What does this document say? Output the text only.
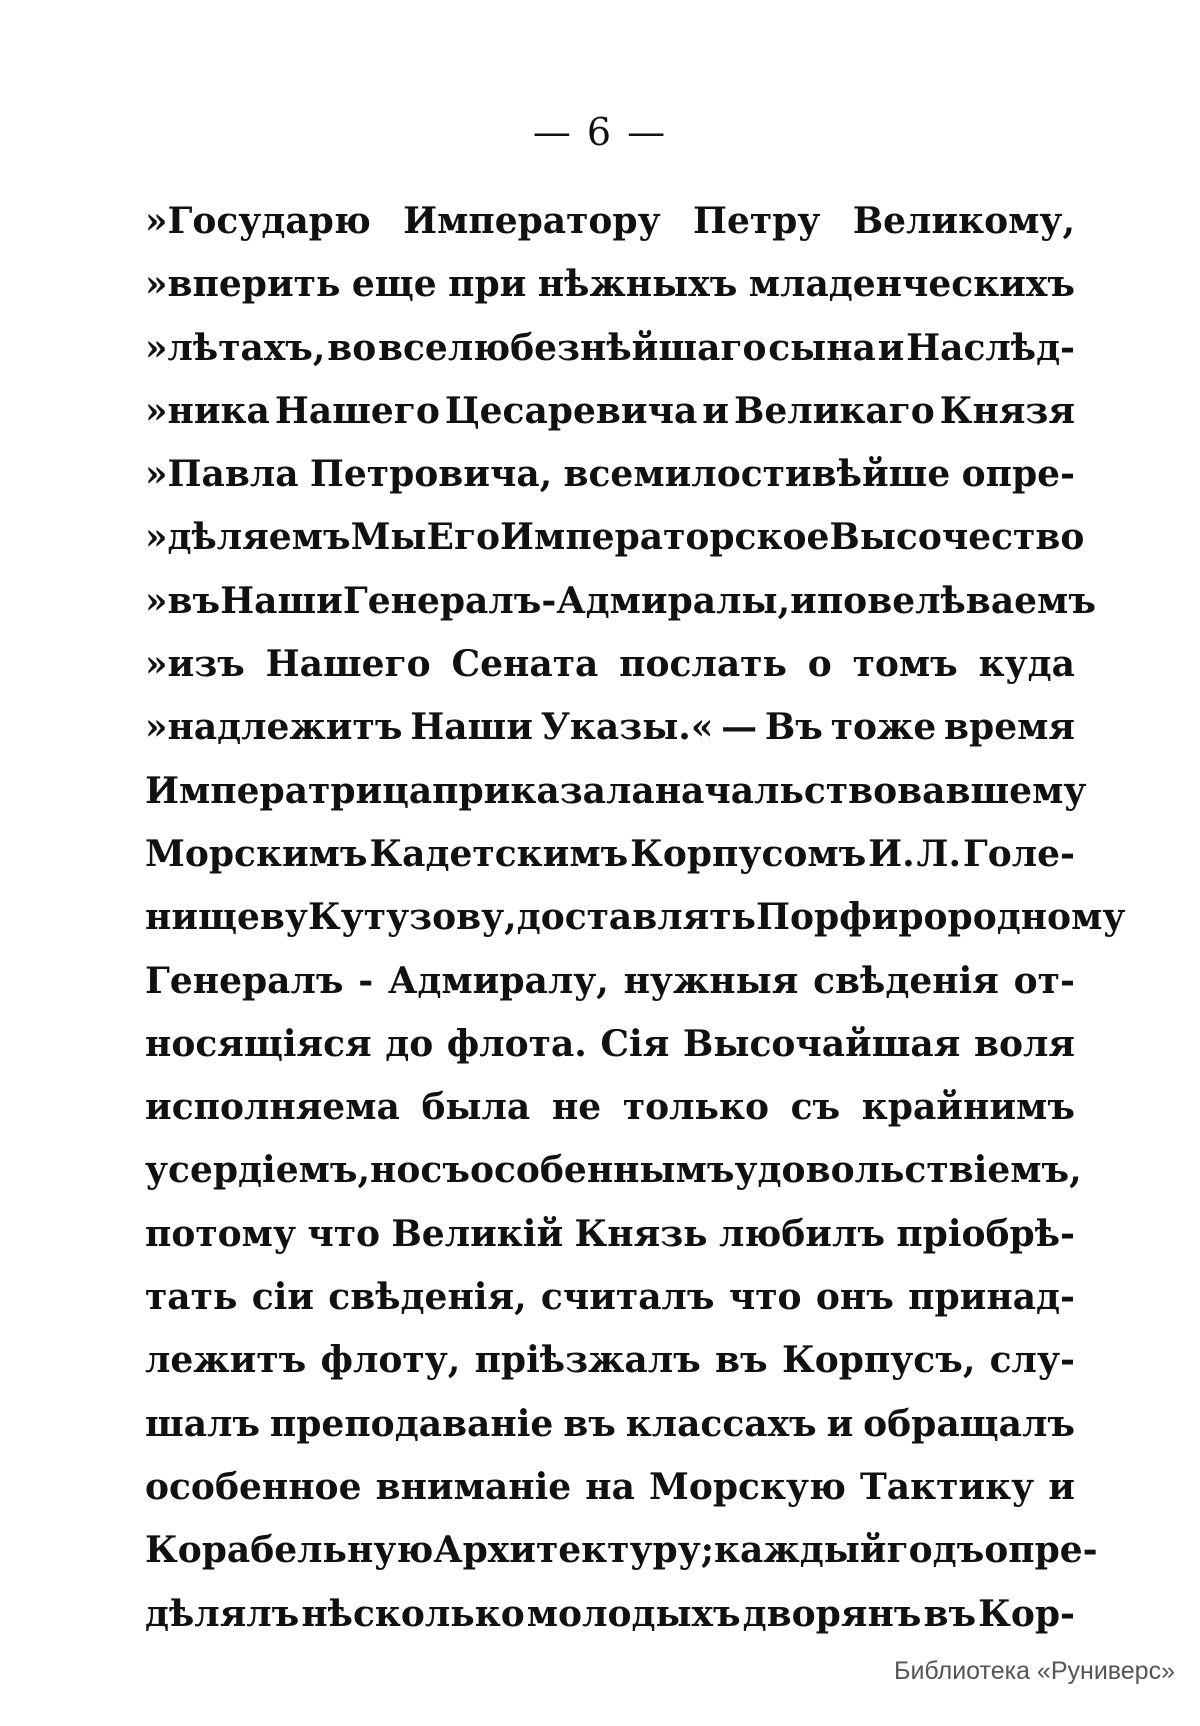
— 6 —
»Государю Императору Петру Великому,
»вперить еще при нѣжныхъ младенческихъ
»лѣтахъ, во вселюбезнѣйшаго сына и Наслѣд-
»ника Нашего Цесаревича и Великаго Князя
»Павла Петровича, всемилостивѣйше опре-
»дѣляемъ Мы Его Императорское Высочество
»въ Наши Генералъ-Адмиралы, и повелѣваемъ
»изъ Нашего Сената послать о томъ куда
»надлежитъ Наши Указы.« — Въ тоже время
Императрица приказала начальствовавшему
Морскимъ Кадетскимъ Корпусомъ И. Л. Голе-
нищеву Кутузову, доставлять Порфирородному
Генералъ - Адмиралу, нужныя свѣденія от-
носящіяся до флота. Сія Высочайшая воля
исполняема была не только съ крайнимъ
усердіемъ, но съ особеннымъ удовольствіемъ,
потому что Великій Князь любилъ пріобрѣ-
тать сіи свѣденія, считалъ что онъ принад-
лежитъ флоту, пріѣзжалъ въ Корпусъ, слу-
шалъ преподаваніе въ классахъ и обращалъ
особенное вниманіе на Морскую Тактику и
Корабельную Архитектуру; каждый годъ опре-
дѣлялъ нѣсколько молодыхъ дворянъ въ Кор-
Библиотека «Руниверс»
